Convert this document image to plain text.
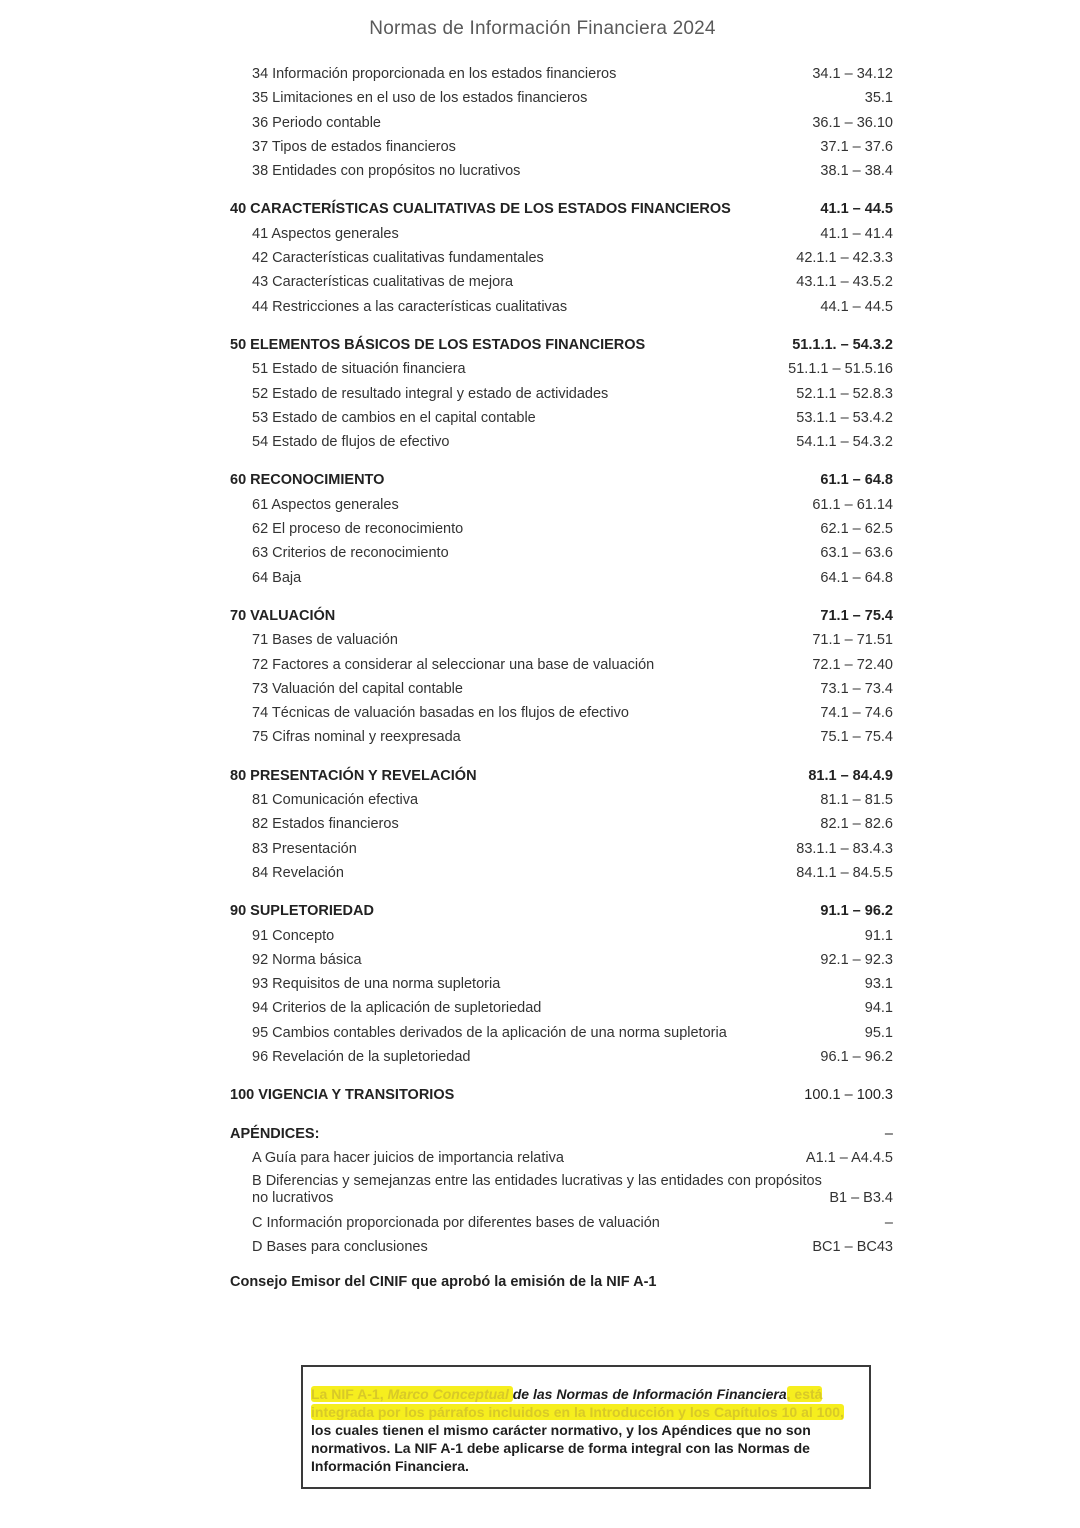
Normas de Información Financiera 2024
34 Información proporcionada en los estados financieros	34.1 – 34.12
35 Limitaciones en el uso de los estados financieros	35.1
36 Periodo contable	36.1 – 36.10
37 Tipos de estados financieros	37.1 – 37.6
38 Entidades con propósitos no lucrativos	38.1 – 38.4
40 CARACTERÍSTICAS CUALITATIVAS DE LOS ESTADOS FINANCIEROS	41.1 – 44.5
41 Aspectos generales	41.1 – 41.4
42 Características cualitativas fundamentales	42.1.1 – 42.3.3
43 Características cualitativas de mejora	43.1.1 – 43.5.2
44 Restricciones a las características cualitativas	44.1 – 44.5
50 ELEMENTOS BÁSICOS DE LOS ESTADOS FINANCIEROS	51.1.1. – 54.3.2
51 Estado de situación financiera	51.1.1 – 51.5.16
52 Estado de resultado integral y estado de actividades	52.1.1 – 52.8.3
53 Estado de cambios en el capital contable	53.1.1 – 53.4.2
54 Estado de flujos de efectivo	54.1.1 – 54.3.2
60 RECONOCIMIENTO	61.1 – 64.8
61 Aspectos generales	61.1 – 61.14
62 El proceso de reconocimiento	62.1 – 62.5
63 Criterios de reconocimiento	63.1 – 63.6
64 Baja	64.1 – 64.8
70 VALUACIÓN	71.1 – 75.4
71 Bases de valuación	71.1 – 71.51
72 Factores a considerar al seleccionar una base de valuación	72.1 – 72.40
73 Valuación del capital contable	73.1 – 73.4
74 Técnicas de valuación basadas en los flujos de efectivo	74.1 – 74.6
75 Cifras nominal y reexpresada	75.1 – 75.4
80 PRESENTACIÓN Y REVELACIÓN	81.1 – 84.4.9
81 Comunicación efectiva	81.1 – 81.5
82 Estados financieros	82.1 – 82.6
83 Presentación	83.1.1 – 83.4.3
84 Revelación	84.1.1 – 84.5.5
90 SUPLETORIEDAD	91.1 – 96.2
91 Concepto	91.1
92 Norma básica	92.1 – 92.3
93 Requisitos de una norma supletoria	93.1
94 Criterios de la aplicación de supletoriedad	94.1
95 Cambios contables derivados de la aplicación de una norma supletoria	95.1
96 Revelación de la supletoriedad	96.1 – 96.2
100 VIGENCIA Y TRANSITORIOS	100.1 – 100.3
APÉNDICES:	–
A Guía para hacer juicios de importancia relativa	A1.1 – A4.4.5
B Diferencias y semejanzas entre las entidades lucrativas y las entidades con propósitos no lucrativos	B1 – B3.4
C Información proporcionada por diferentes bases de valuación	–
D Bases para conclusiones	BC1 – BC43
Consejo Emisor del CINIF que aprobó la emisión de la NIF A-1
La NIF A-1, Marco Conceptual de las Normas de Información Financiera, está
integrada por los párrafos incluidos en la Introducción y los Capítulos 10 al 100,
los cuales tienen el mismo carácter normativo, y los Apéndices que no son normativos. La NIF A-1 debe aplicarse de forma integral con las Normas de Información Financiera.
